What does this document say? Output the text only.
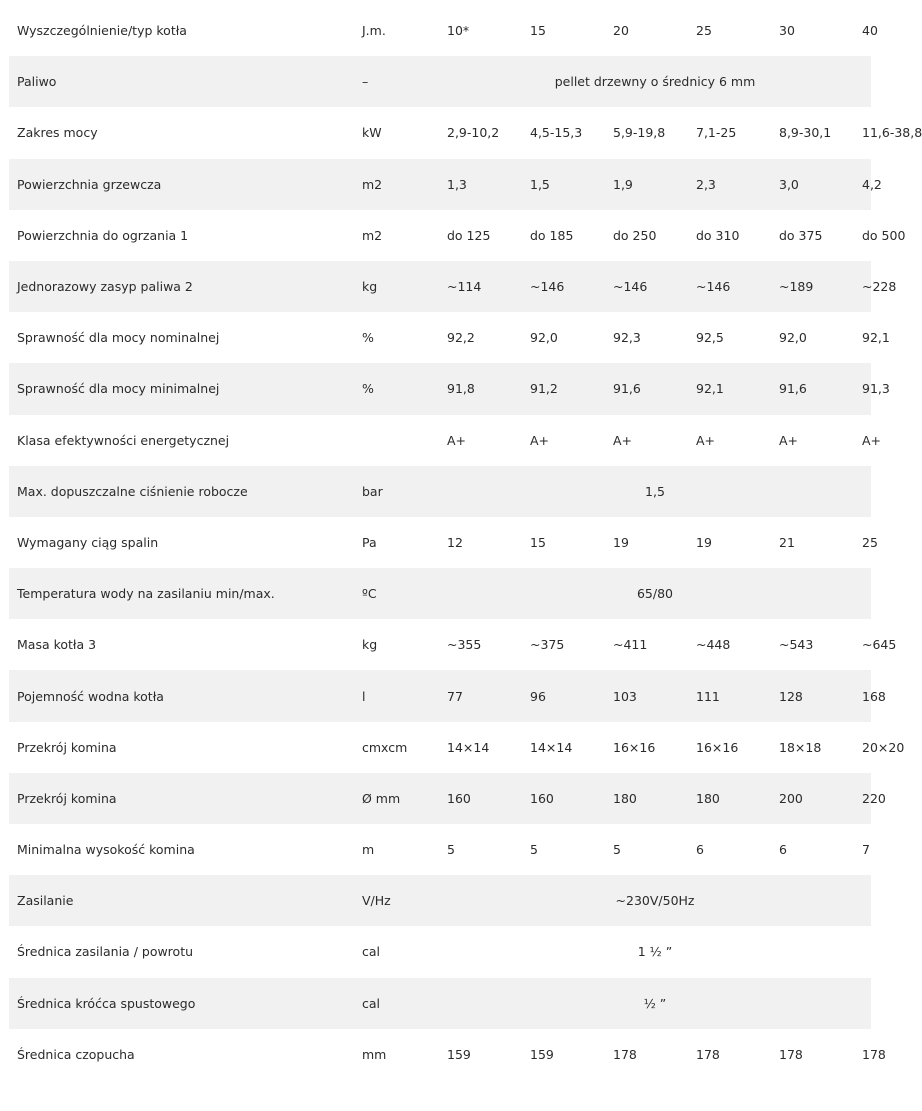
Wyszczególnienie/typ kotła	J.m.	10*	15	20	25	30	40
Paliwo	–	pellet drzewny o średnicy 6 mm					
Zakres mocy	kW	2,9-10,2	4,5-15,3	5,9-19,8	7,1-25	8,9-30,1	11,6-38,8
Powierzchnia grzewcza	m2	1,3	1,5	1,9	2,3	3,0	4,2
Powierzchnia do ogrzania 1	m2	do 125	do 185	do 250	do 310	do 375	do 500
Jednorazowy zasyp paliwa 2	kg	~114	~146	~146	~146	~189	~228
Sprawność dla mocy nominalnej	%	92,2	92,0	92,3	92,5	92,0	92,1
Sprawność dla mocy minimalnej	%	91,8	91,2	91,6	92,1	91,6	91,3
Klasa efektywności energetycznej		A+	A+	A+	A+	A+	A+
Max. dopuszczalne ciśnienie robocze	bar	1,5					
Wymagany ciąg spalin	Pa	12	15	19	19	21	25
Temperatura wody na zasilaniu min/max.	ºC	65/80					
Masa kotła 3	kg	~355	~375	~411	~448	~543	~645
Pojemność wodna kotła	l	77	96	103	111	128	168
Przekrój komina	cmxcm	14×14	14×14	16×16	16×16	18×18	20×20
Przekrój komina	Ø mm	160	160	180	180	200	220
Minimalna wysokość komina	m	5	5	5	6	6	7
Zasilanie	V/Hz	~230V/50Hz					
Średnica zasilania / powrotu	cal	1 ½ ”					
Średnica króćca spustowego	cal	½ ”					
Średnica czopucha	mm	159	159	178	178	178	178
